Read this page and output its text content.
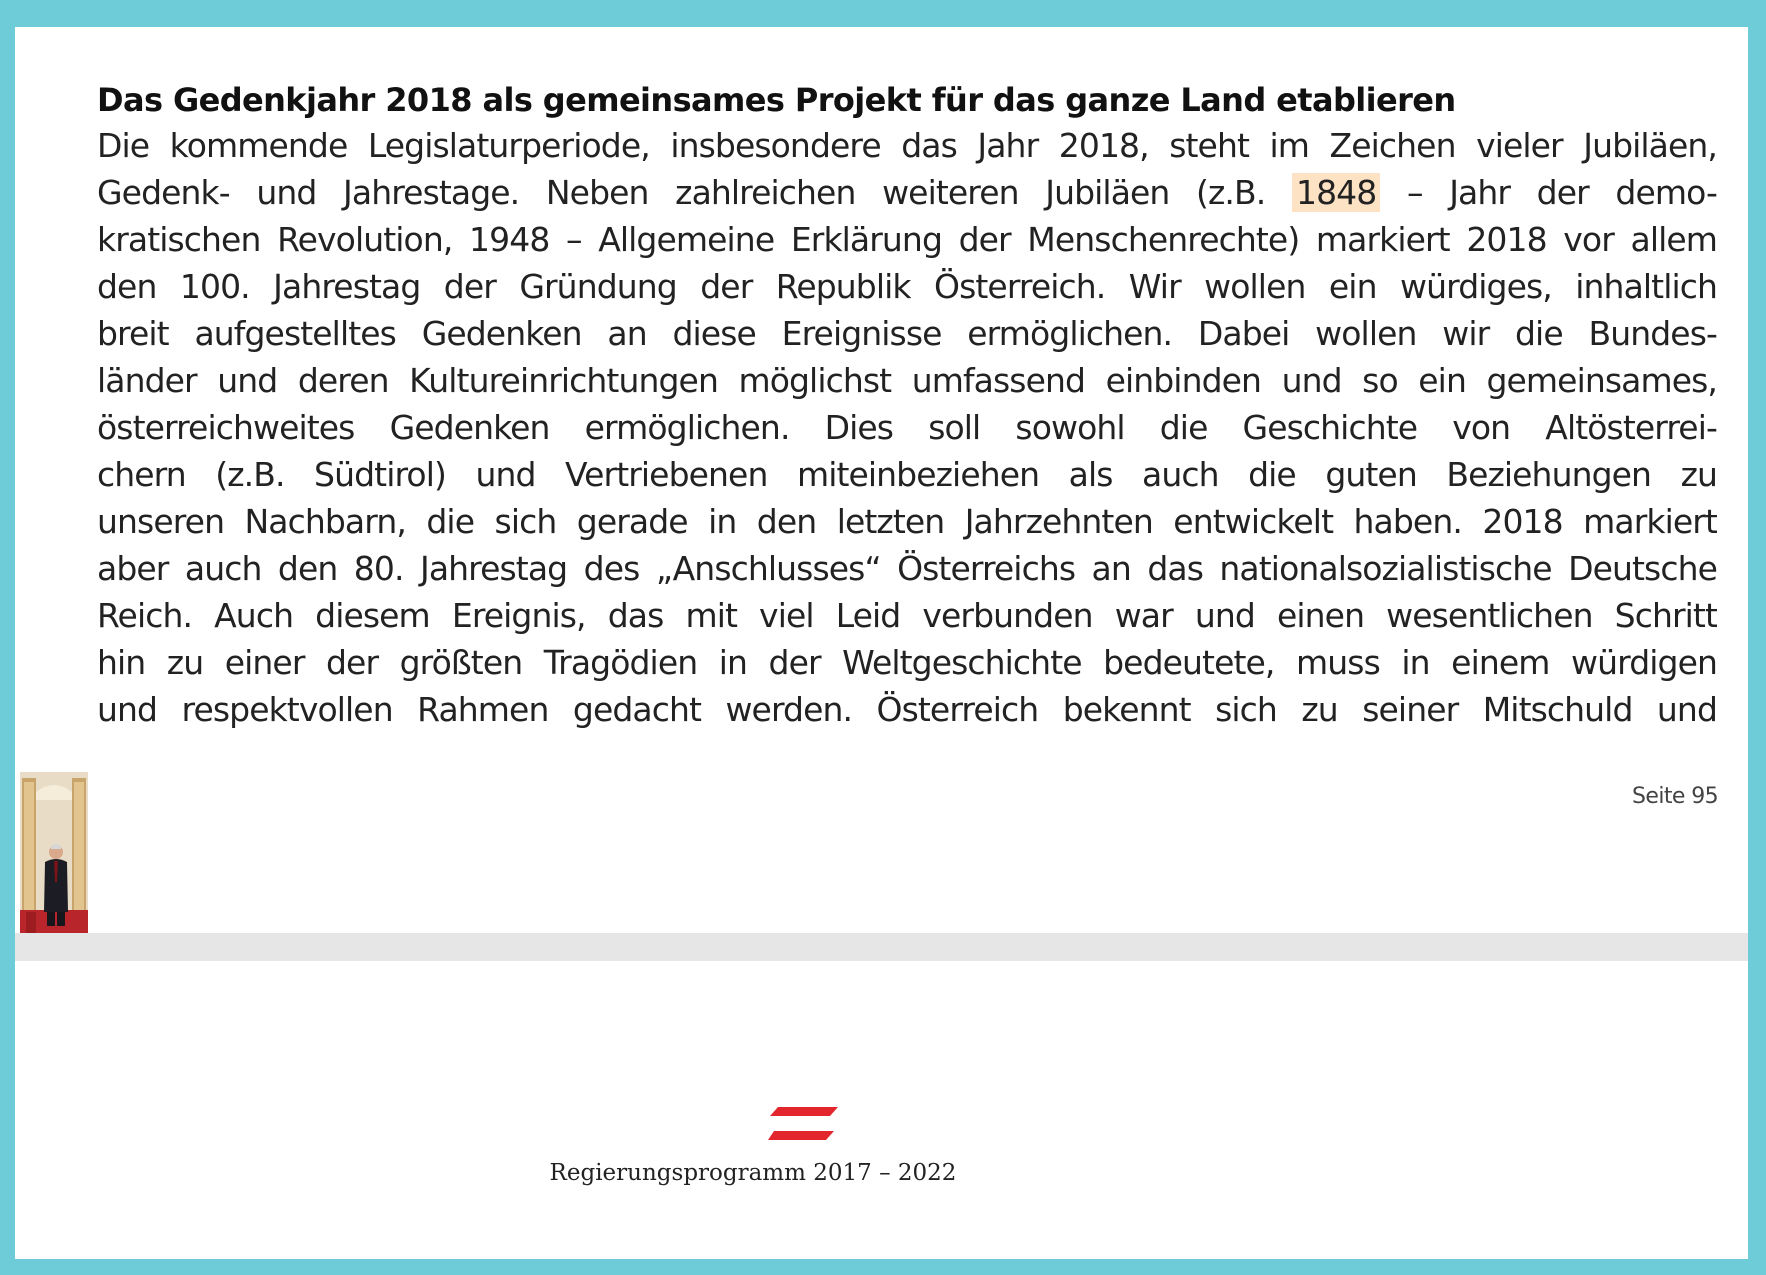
Das Gedenkjahr 2018 als gemeinsames Projekt für das ganze Land etablieren
Die kommende Legislaturperiode, insbesondere das Jahr 2018, steht im Zeichen vieler Jubiläen,
Gedenk- und Jahrestage. Neben zahlreichen weiteren Jubiläen (z.B. 1848 – Jahr der demo-
kratischen Revolution, 1948 – Allgemeine Erklärung der Menschenrechte) markiert 2018 vor allem
den 100. Jahrestag der Gründung der Republik Österreich. Wir wollen ein würdiges, inhaltlich
breit aufgestelltes Gedenken an diese Ereignisse ermöglichen. Dabei wollen wir die Bundes-
länder und deren Kultureinrichtungen möglichst umfassend einbinden und so ein gemeinsames,
österreichweites Gedenken ermöglichen. Dies soll sowohl die Geschichte von Altösterrei-
chern (z.B. Südtirol) und Vertriebenen miteinbeziehen als auch die guten Beziehungen zu
unseren Nachbarn, die sich gerade in den letzten Jahrzehnten entwickelt haben. 2018 markiert
aber auch den 80. Jahrestag des „Anschlusses“ Österreichs an das nationalsozialistische Deutsche
Reich. Auch diesem Ereignis, das mit viel Leid verbunden war und einen wesentlichen Schritt
hin zu einer der größten Tragödien in der Weltgeschichte bedeutete, muss in einem würdigen
und respektvollen Rahmen gedacht werden. Österreich bekennt sich zu seiner Mitschuld und
Seite 95
Regierungsprogramm 2017 – 2022
